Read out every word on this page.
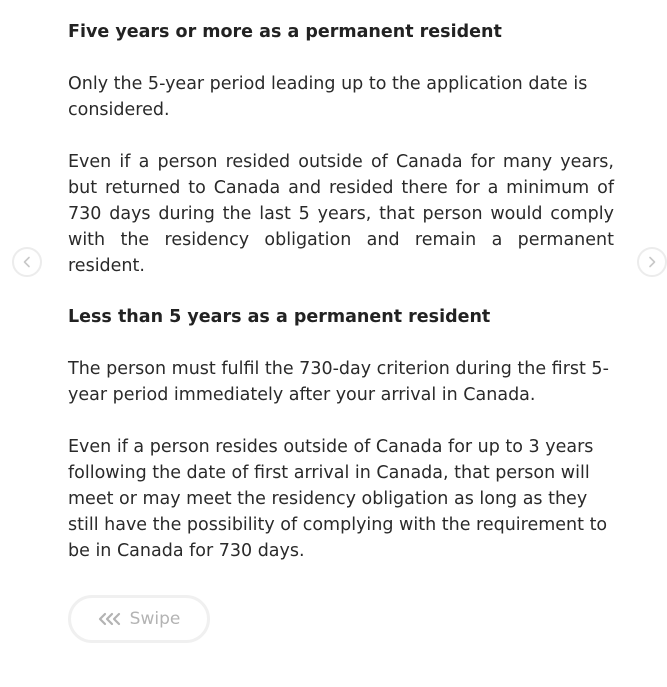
Five years or more as a permanent resident

Only the 5-year period leading up to the application date is considered.

Even if a person resided outside of Canada for many years, but returned to Canada and resided there for a minimum of 730 days during the last 5 years, that person would comply with the residency obligation and remain a permanent resident.

Less than 5 years as a permanent resident

The person must fulfil the 730-day criterion during the first 5-year period immediately after your arrival in Canada.

Even if a person resides outside of Canada for up to 3 years following the date of first arrival in Canada, that person will meet or may meet the residency obligation as long as they still have the possibility of complying with the requirement to be in Canada for 730 days.

Swipe
